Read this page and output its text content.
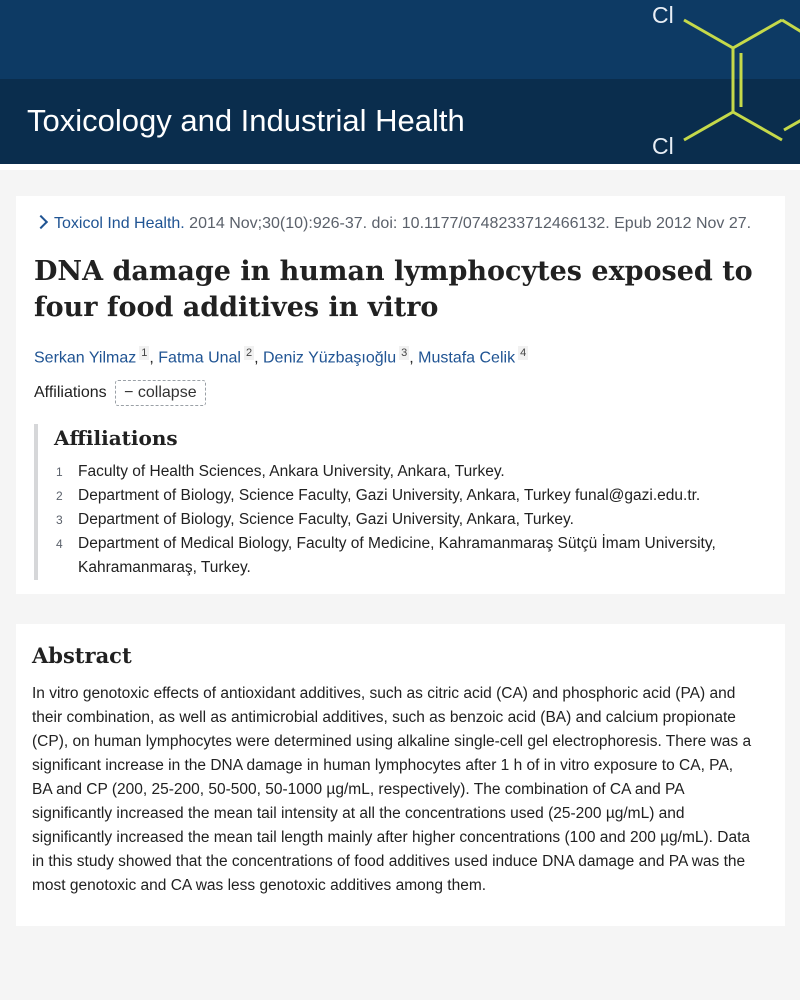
Toxicology and Industrial Health
Cl
Cl
Toxicol Ind Health. 2014 Nov;30(10):926-37. doi: 10.1177/0748233712466132. Epub 2012 Nov 27.
DNA damage in human lymphocytes exposed to four food additives in vitro
Serkan Yilmaz 1 , Fatma Unal 2 , Deniz Yüzbaşıoğlu 3 , Mustafa Celik 4
Affiliations − collapse
Affiliations
1 Faculty of Health Sciences, Ankara University, Ankara, Turkey.
2 Department of Biology, Science Faculty, Gazi University, Ankara, Turkey funal@gazi.edu.tr.
3 Department of Biology, Science Faculty, Gazi University, Ankara, Turkey.
4 Department of Medical Biology, Faculty of Medicine, Kahramanmaraş Sütçü İmam University, Kahramanmaraş, Turkey.
Abstract

In vitro genotoxic effects of antioxidant additives, such as citric acid (CA) and phosphoric acid (PA) and their combination, as well as antimicrobial additives, such as benzoic acid (BA) and calcium propionate (CP), on human lymphocytes were determined using alkaline single-cell gel electrophoresis. There was a significant increase in the DNA damage in human lymphocytes after 1 h of in vitro exposure to CA, PA, BA and CP (200, 25-200, 50-500, 50-1000 µg/mL, respectively). The combination of CA and PA significantly increased the mean tail intensity at all the concentrations used (25-200 µg/mL) and significantly increased the mean tail length mainly after higher concentrations (100 and 200 µg/mL). Data in this study showed that the concentrations of food additives used induce DNA damage and PA was the most genotoxic and CA was less genotoxic additives among them.
